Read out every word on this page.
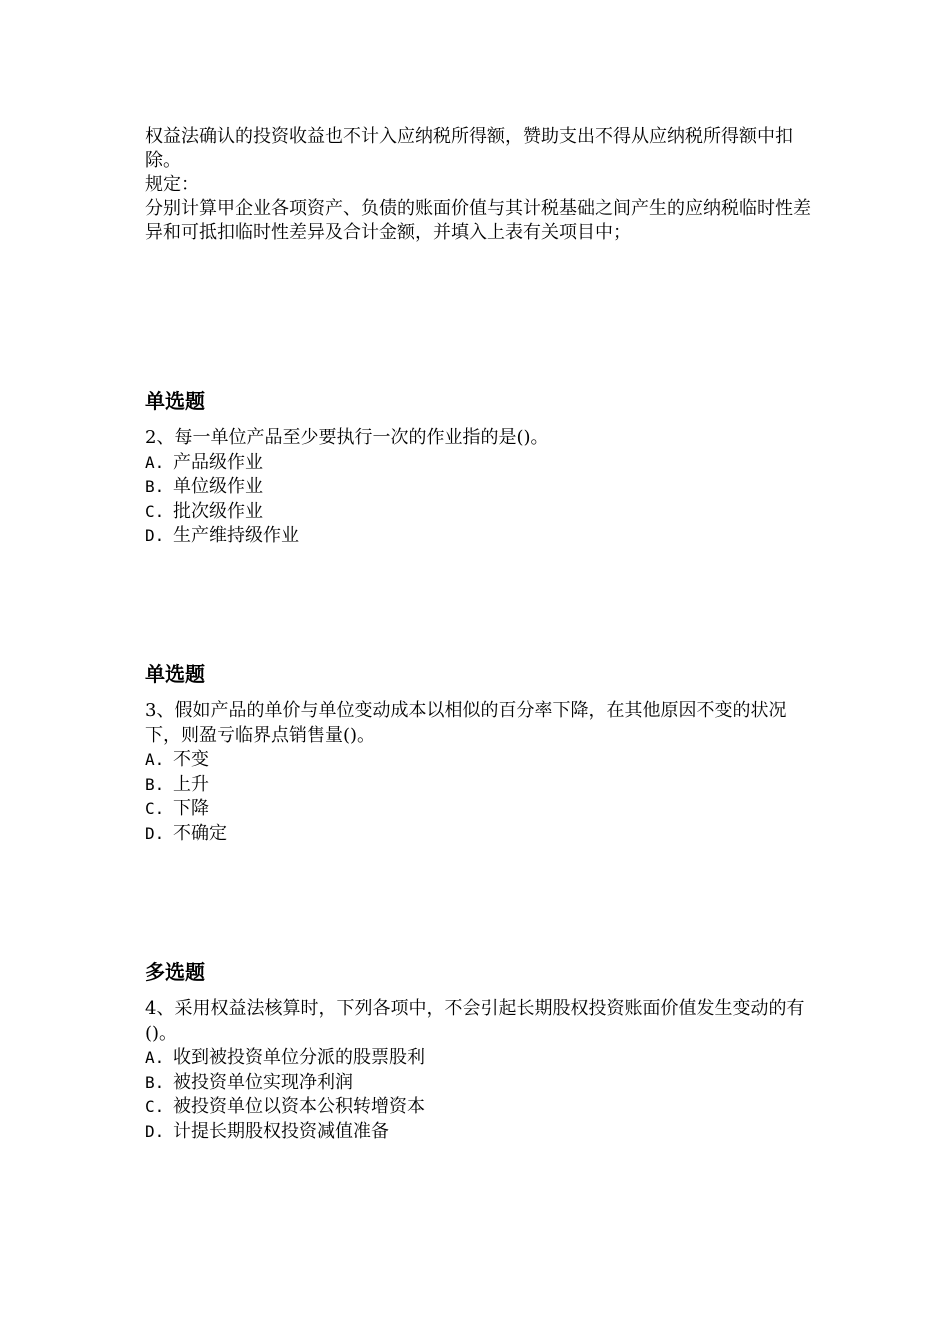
权益法确认的投资收益也不计入应纳税所得额，赞助支出不得从应纳税所得额中扣除。

规定：

分别计算甲企业各项资产、负债的账面价值与其计税基础之间产生的应纳税临时性差异和可抵扣临时性差异及合计金额，并填入上表有关项目中；

单选题

2、每一单位产品至少要执行一次的作业指的是()。

A. 产品级作业
B. 单位级作业
C. 批次级作业
D. 生产维持级作业
单选题

3、假如产品的单价与单位变动成本以相似的百分率下降，在其他原因不变的状况下，则盈亏临界点销售量()。

A. 不变
B. 上升
C. 下降
D. 不确定
多选题

4、采用权益法核算时，下列各项中，不会引起长期股权投资账面价值发生变动的有()。

A. 收到被投资单位分派的股票股利
B. 被投资单位实现净利润
C. 被投资单位以资本公积转增资本
D. 计提长期股权投资减值准备
